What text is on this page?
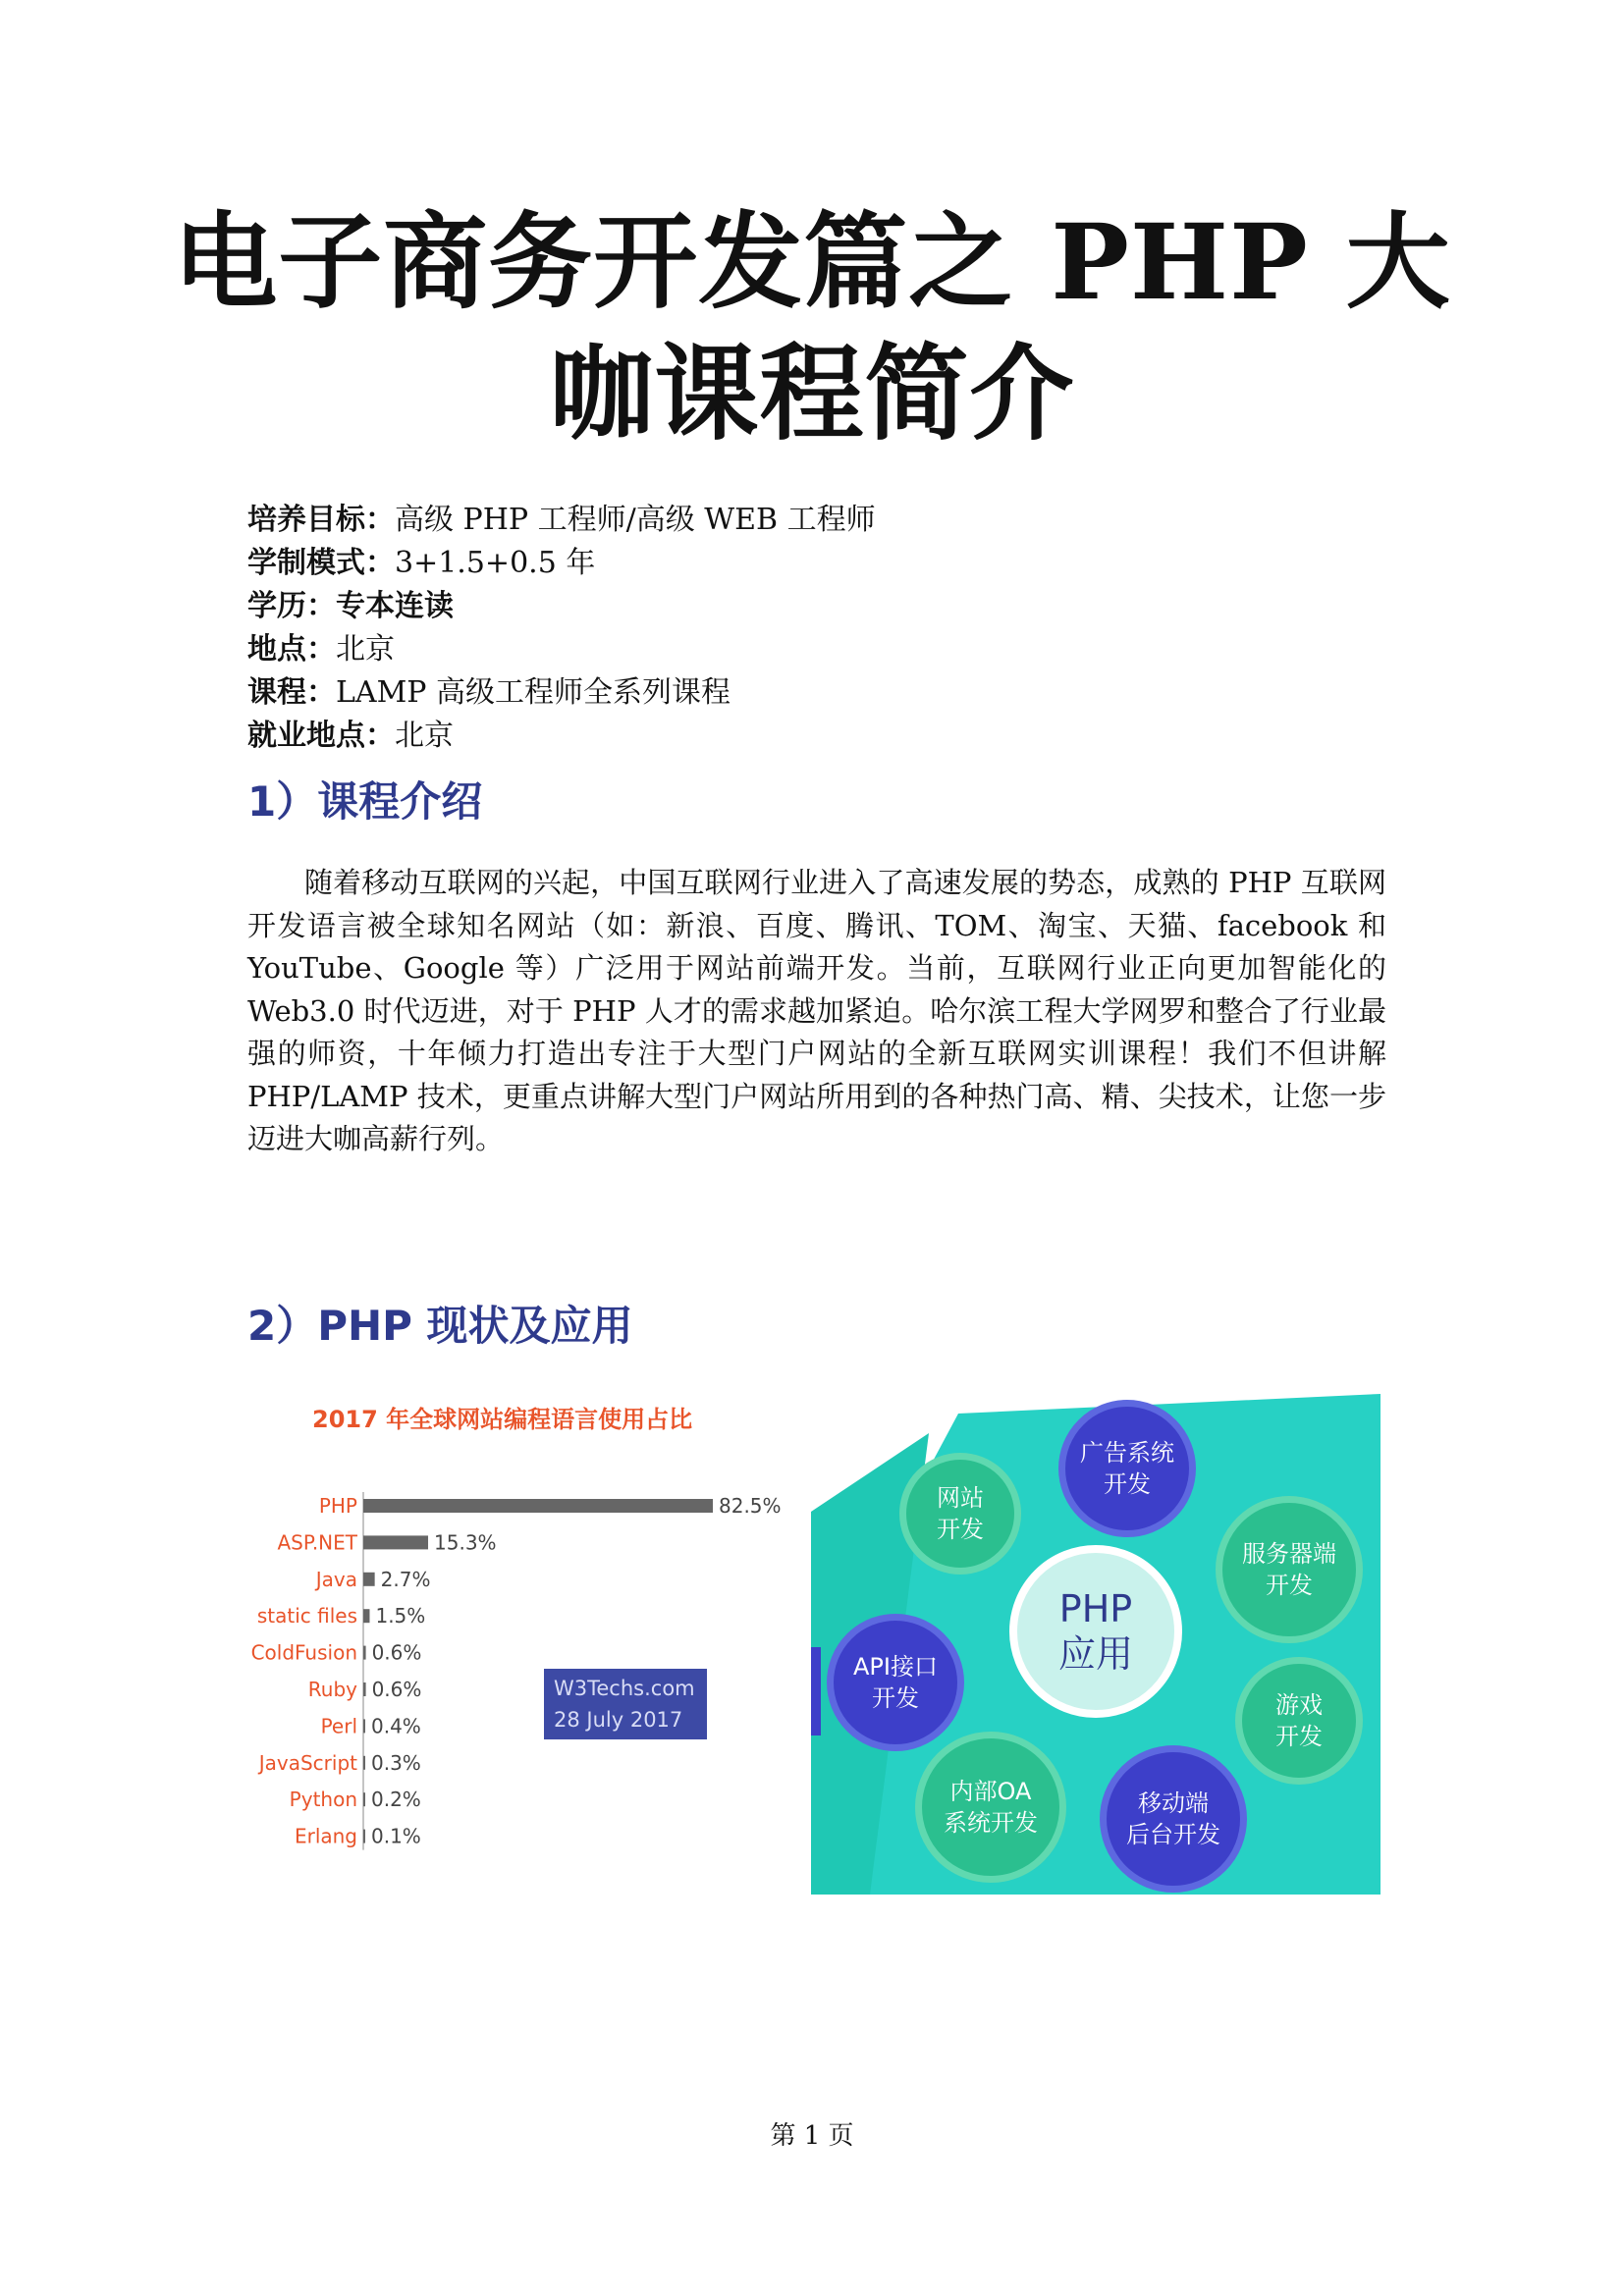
电子商务开发篇之 PHP 大
咖课程简介
培养目标：高级 PHP 工程师/高级 WEB 工程师
学制模式：3+1.5+0.5 年
学历：专本连读
地点：北京
课程：LAMP 高级工程师全系列课程
就业地点：北京
1）课程介绍
随着移动互联网的兴起，中国互联网行业进入了高速发展的势态，成熟的 PHP 互联网开发语言被全球知名网站（如：新浪、百度、腾讯、TOM、淘宝、天猫、facebook 和 YouTube、Google 等）广泛用于网站前端开发。当前，互联网行业正向更加智能化的 Web3.0 时代迈进，对于 PHP 人才的需求越加紧迫。哈尔滨工程大学网罗和整合了行业最强的师资，十年倾力打造出专注于大型门户网站的全新互联网实训课程！我们不但讲解 PHP/LAMP 技术，更重点讲解大型门户网站所用到的各种热门高、精、尖技术，让您一步迈进大咖高薪行列。
2）PHP 现状及应用
2017 年全球网站编程语言使用占比
PHP	82.5%
ASP.NET	15.3%
Java 2.7%
static files 1.5%
ColdFusion 0.6%
Ruby 0.6%
Perl 0.4%
JavaScript 0.3%
Python 0.2%
Erlang 0.1%
W3Techs.com
28 July 2017
网站
开发
广告系统
开发
服务器端
开发
API接口
开发
PHP
应用
游戏
开发
内部OA
系统开发
移动端
后台开发
第 1 页
